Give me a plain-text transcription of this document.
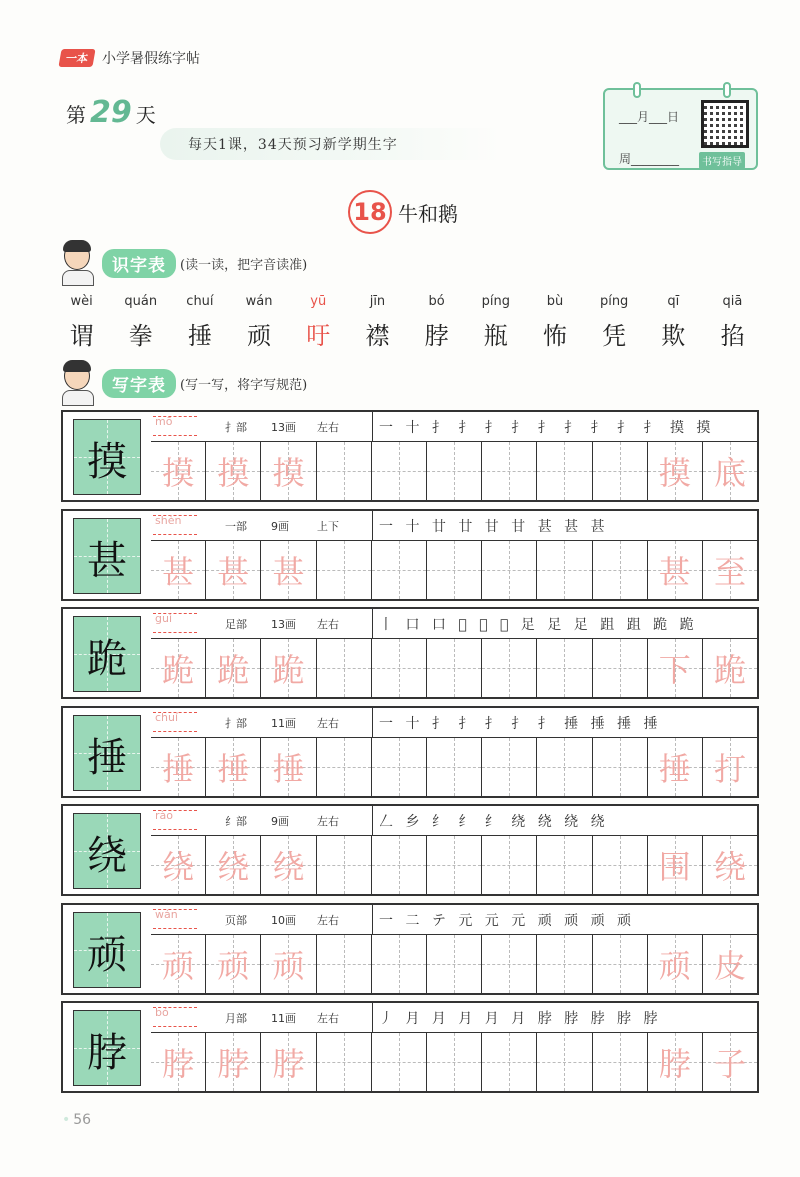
一本 小学暑假练字帖
第 29 天
每天1课，34天预习新学期生字
___月___日
周________	书写指导
18 牛和鹅
识字表	(读一读，把字音读准)
wèi	quán	chuí	wán	yū	jīn	bó	píng	bù	píng	qī	qiā
谓	拳	捶	顽	吁	襟	脖	瓶	怖	凭	欺	掐
写字表	(写一写，将字写规范)
摸
mō	扌部 13画 左右	一 十 扌 扌 扌 扌 扌 扌 扌 扌 扌 摸 摸
摸 摸 摸	摸 底
甚
shèn	一部 9画	上下	一 十 廿 廿 甘 甘 甚 甚 甚
甚 甚 甚	甚 至
跪
guì	足部 13画 左右	丨 口 口 𠯁 𠯁 𠯁 足 足 足 跙 跙 跪 跪
跪 跪 跪	下 跪
捶
chuí	扌部 11画 左右	一 十 扌 扌 扌 扌 扌 捶 捶 捶 捶
捶 捶 捶	捶 打
绕
rào	纟部 9画	左右	𠃋 乡 纟 纟 纟 绕 绕 绕 绕
绕 绕 绕	围 绕
顽
wán	页部 10画 左右	一 二 テ 元 元 元 顽 顽 顽 顽
顽 顽 顽	顽 皮
脖
bó	月部 11画 左右	丿 月 月 月 月 月 脖 脖 脖 脖 脖
脖 脖 脖	脖 子
• 56
